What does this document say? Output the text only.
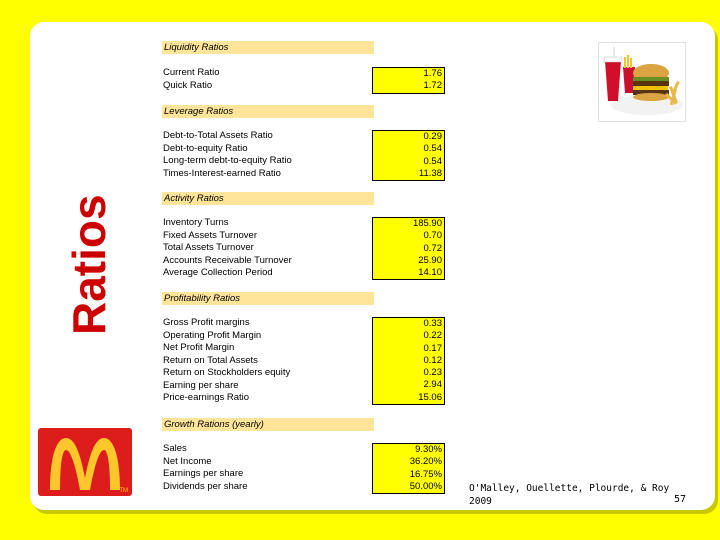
Ratios
Liquidity Ratios
Current Ratio
Quick Ratio
1.76
1.72
Leverage Ratios
Debt-to-Total Assets Ratio
Debt-to-equity Ratio
Long-term debt-to-equity Ratio
Times-Interest-earned Ratio
0.29
0.54
0.54
11.38
Activity Ratios
Inventory Turns
Fixed Assets Turnover
Total Assets Turnover
Accounts Receivable Turnover
Average Collection Period
185.90
0.70
0.72
25.90
14.10
Profitability Ratios
Gross Profit margins
Operating Profit Margin
Net Profit Margin
Return on Total Assets
Return on Stockholders equity
Earning per share
Price-earnings Ratio
0.33
0.22
0.17
0.12
0.23
2.94
15.06
Growth Rations (yearly)
Sales
Net Income
Earnings per share
Dividends per share
9.30%
36.20%
16.75%
50.00%
TM	O'Malley, Ouellette, Plourde, & Roy
2009	57
